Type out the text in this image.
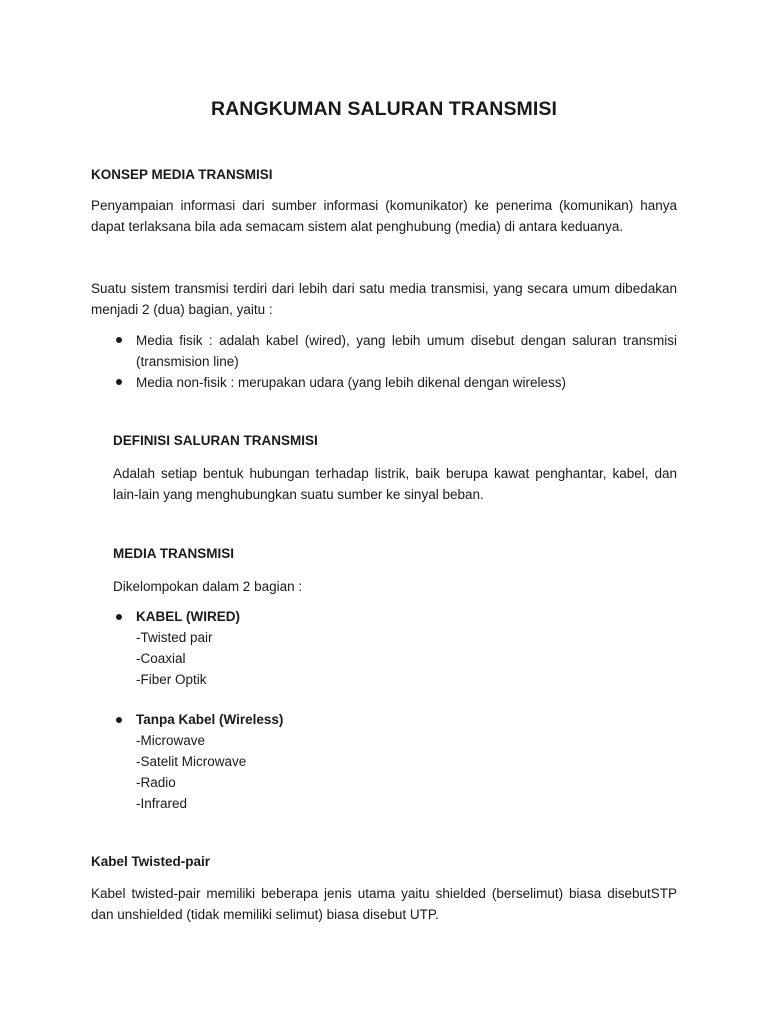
RANGKUMAN SALURAN TRANSMISI
KONSEP MEDIA TRANSMISI
Penyampaian informasi dari sumber informasi (komunikator) ke penerima (komunikan) hanya
dapat terlaksana bila ada semacam sistem alat penghubung (media) di antara keduanya.
Suatu sistem transmisi terdiri dari lebih dari satu media transmisi, yang secara umum dibedakan
menjadi 2 (dua) bagian, yaitu :
Media fisik : adalah kabel (wired), yang lebih umum disebut dengan saluran transmisi
(transmision line)
Media non-fisik : merupakan udara (yang lebih dikenal dengan wireless)
DEFINISI SALURAN TRANSMISI
Adalah setiap bentuk hubungan terhadap listrik, baik berupa kawat penghantar, kabel, dan
lain-lain yang menghubungkan suatu sumber ke sinyal beban.
MEDIA TRANSMISI
Dikelompokan dalam 2 bagian :
KABEL (WIRED)
-Twisted pair
-Coaxial
-Fiber Optik
Tanpa Kabel (Wireless)
-Microwave
-Satelit Microwave
-Radio
-Infrared
Kabel Twisted-pair
Kabel twisted-pair memiliki beberapa jenis utama yaitu shielded (berselimut) biasa disebutSTP
dan unshielded (tidak memiliki selimut) biasa disebut UTP.
